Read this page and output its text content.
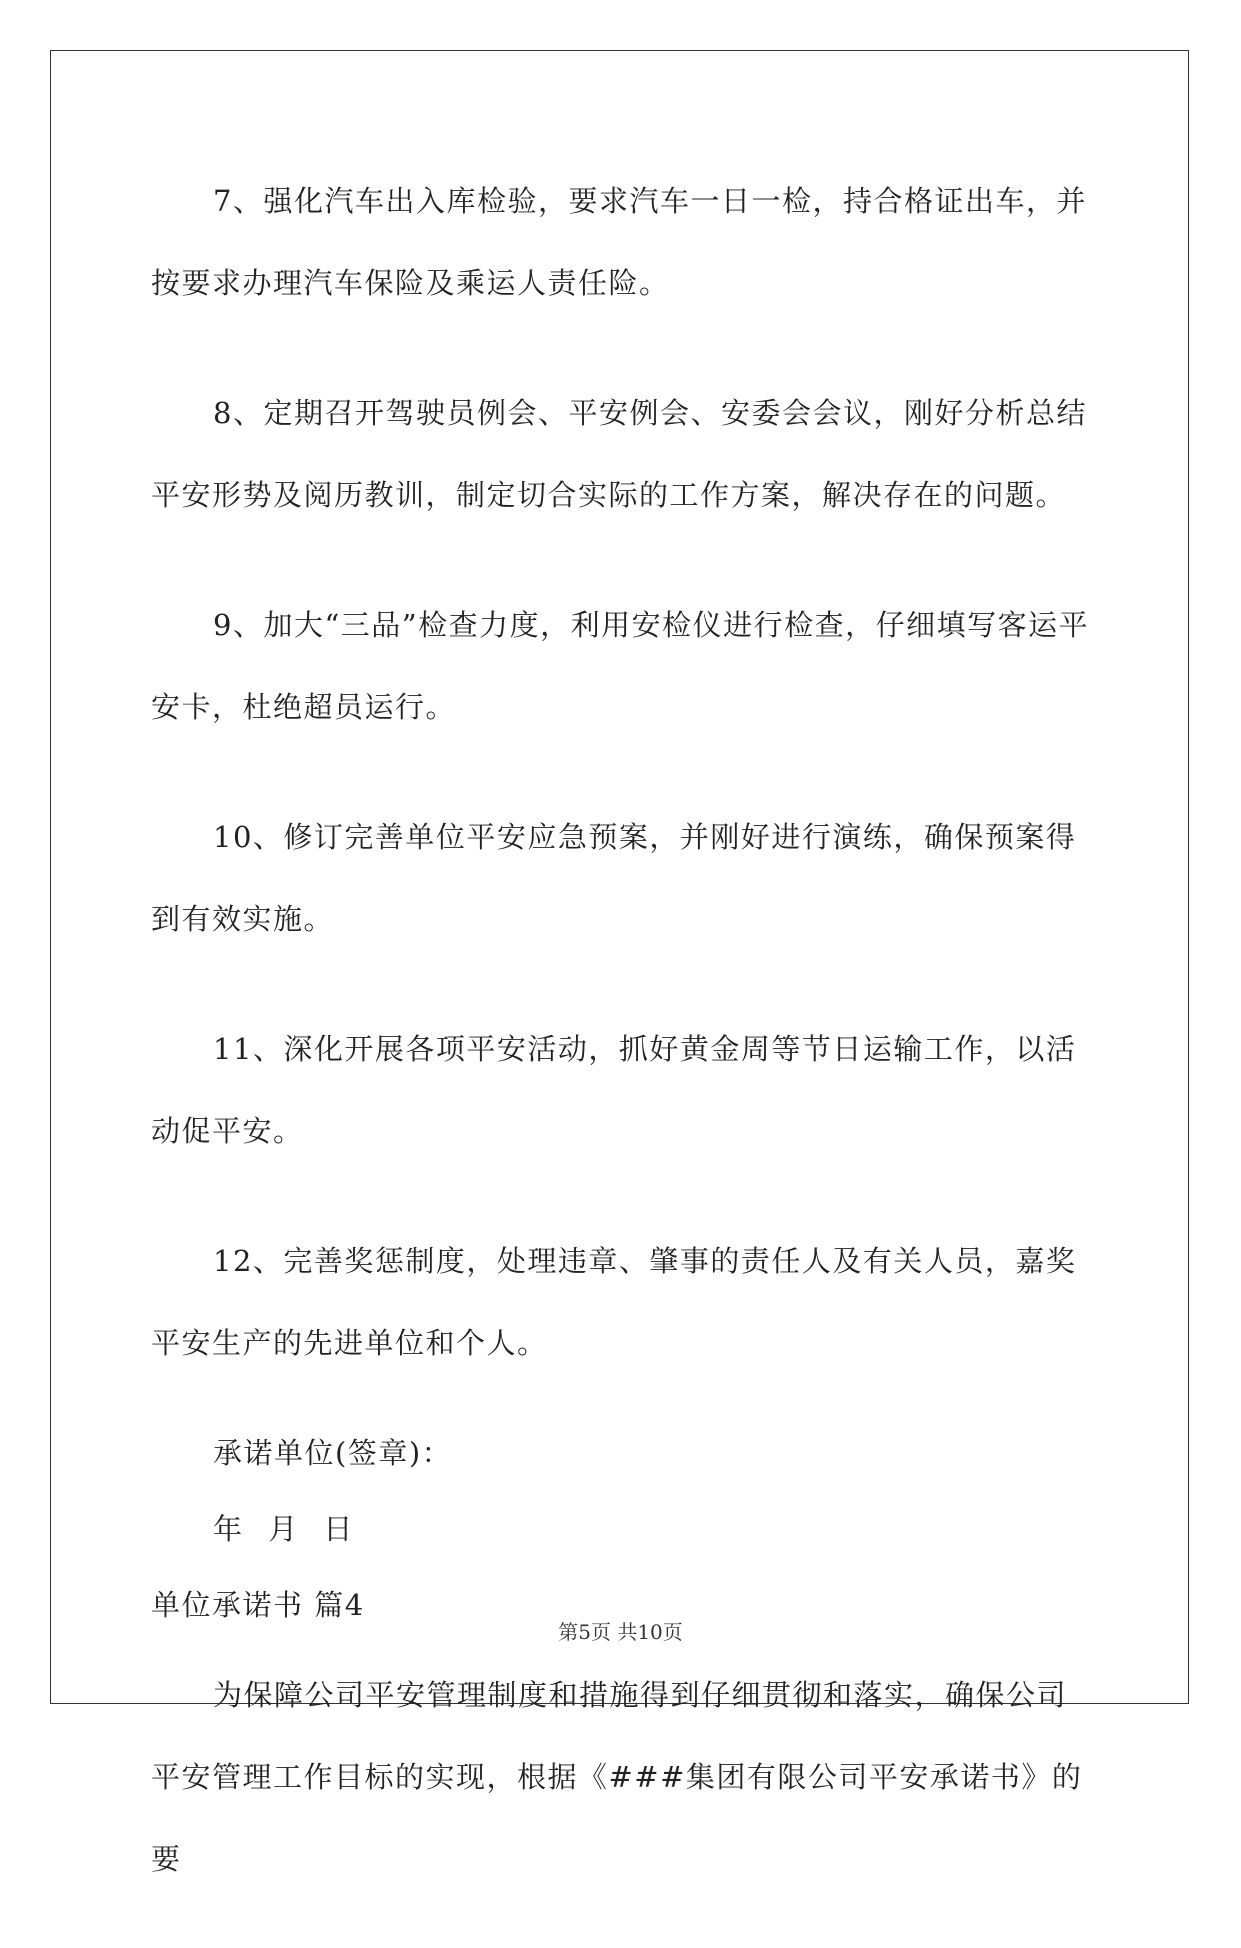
7、强化汽车出入库检验，要求汽车一日一检，持合格证出车，并按要求办理汽车保险及乘运人责任险。

8、定期召开驾驶员例会、平安例会、安委会会议，刚好分析总结平安形势及阅历教训，制定切合实际的工作方案，解决存在的问题。

9、加大“三品”检查力度，利用安检仪进行检查，仔细填写客运平安卡，杜绝超员运行。

10、修订完善单位平安应急预案，并刚好进行演练，确保预案得到有效实施。

11、深化开展各项平安活动，抓好黄金周等节日运输工作，以活动促平安。

12、完善奖惩制度，处理违章、肇事的责任人及有关人员，嘉奖平安生产的先进单位和个人。

承诺单位(签章)：

年 月 日

单位承诺书 篇4

为保障公司平安管理制度和措施得到仔细贯彻和落实，确保公司平安管理工作目标的实现，根据《###集团有限公司平安承诺书》的要

第5页 共10页
